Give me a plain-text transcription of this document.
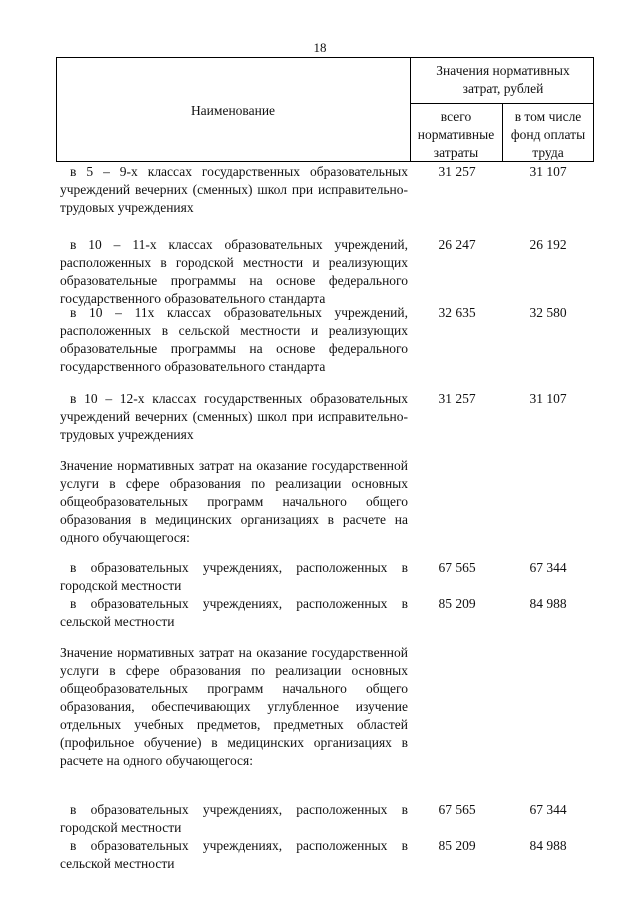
18
Наименование
Значения нормативных затрат, рублей
всего нормативные затраты
в том числе фонд оплаты труда
в 5 – 9-х классах государственных образовательных учреждений вечерних (сменных) школ при исправительно-трудовых учреждениях
31 257	31 107
в 10 – 11-х классах образовательных учреждений, расположенных в городской местности и реализующих образовательные программы на основе федерального государственного образовательного стандарта
26 247	26 192
в 10 – 11х классах образовательных учреждений, расположенных в сельской местности и реализующих образовательные программы на основе федерального государственного образовательного стандарта
32 635	32 580
в 10 – 12-х классах государственных образовательных учреждений вечерних (сменных) школ при исправительно-трудовых учреждениях
31 257	31 107
Значение нормативных затрат на оказание государственной услуги в сфере образования по реализации основных общеобразовательных программ начального общего образования в медицинских организациях в расчете на одного обучающегося:
в образовательных учреждениях, расположенных в городской местности
67 565	67 344
в образовательных учреждениях, расположенных в сельской местности
85 209	84 988
Значение нормативных затрат на оказание государственной услуги в сфере образования по реализации основных общеобразовательных программ начального общего образования, обеспечивающих углубленное изучение отдельных учебных предметов, предметных областей (профильное обучение) в медицинских организациях в расчете на одного обучающегося:
в образовательных учреждениях, расположенных в городской местности
67 565	67 344
в образовательных учреждениях, расположенных в сельской местности
85 209	84 988
